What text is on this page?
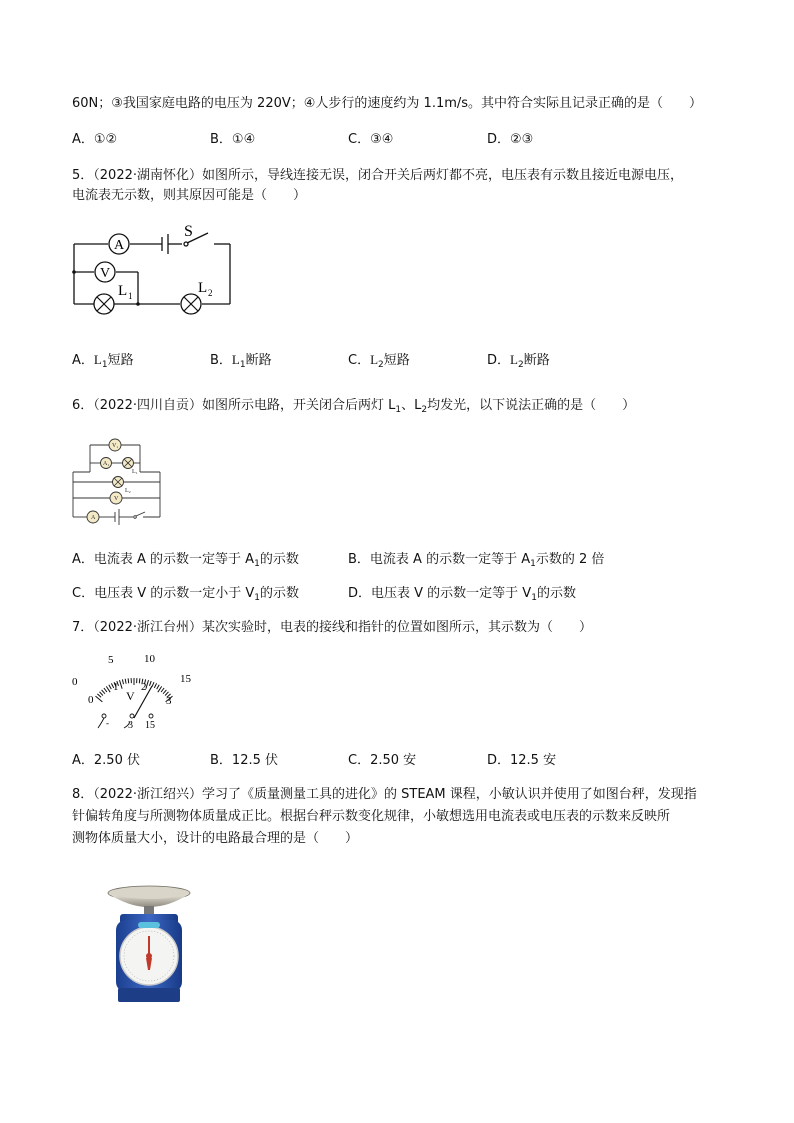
60N；③我国家庭电路的电压为 220V；④人步行的速度约为 1.1m/s。其中符合实际且记录正确的是（　　）
A．①②	B．①④	C．③④	D．②③
5．（2022·湖南怀化）如图所示，导线连接无误，闭合开关后两灯都不亮，电压表有示数且接近电源电压，
电流表无示数，则其原因可能是（　　）
A
V
S
L 1	L 2
A．$L_1$短路	B．$L_1$断路	C．$L_2$短路	D．$L_2$断路
6．（2022·四川自贡）如图所示电路，开关闭合后两灯 $L_1$、$L_2$均发光，以下说法正确的是（　　）
V₁
A₁
L₁
L₂
V
A
A．电流表 A 的示数一定等于 $A_1$的示数	B．电流表 A 的示数一定等于 $A_1$示数的 2 倍
C．电压表 V 的示数一定小于 $V_1$的示数	D．电压表 V 的示数一定等于 $V_1$的示数
7．（2022·浙江台州）某次实验时，电表的接线和指针的位置如图所示，其示数为（　　）
0
5	10
15
0
1 2
3
V
- 3 15
A．2.50 伏	B．12.5 伏	C．2.50 安	D．12.5 安
8．（2022·浙江绍兴）学习了《质量测量工具的进化》的 STEAM 课程，小敏认识并使用了如图台秤，发现指
针偏转角度与所测物体质量成正比。根据台秤示数变化规律，小敏想选用电流表或电压表的示数来反映所
测物体质量大小，设计的电路最合理的是（　　）
